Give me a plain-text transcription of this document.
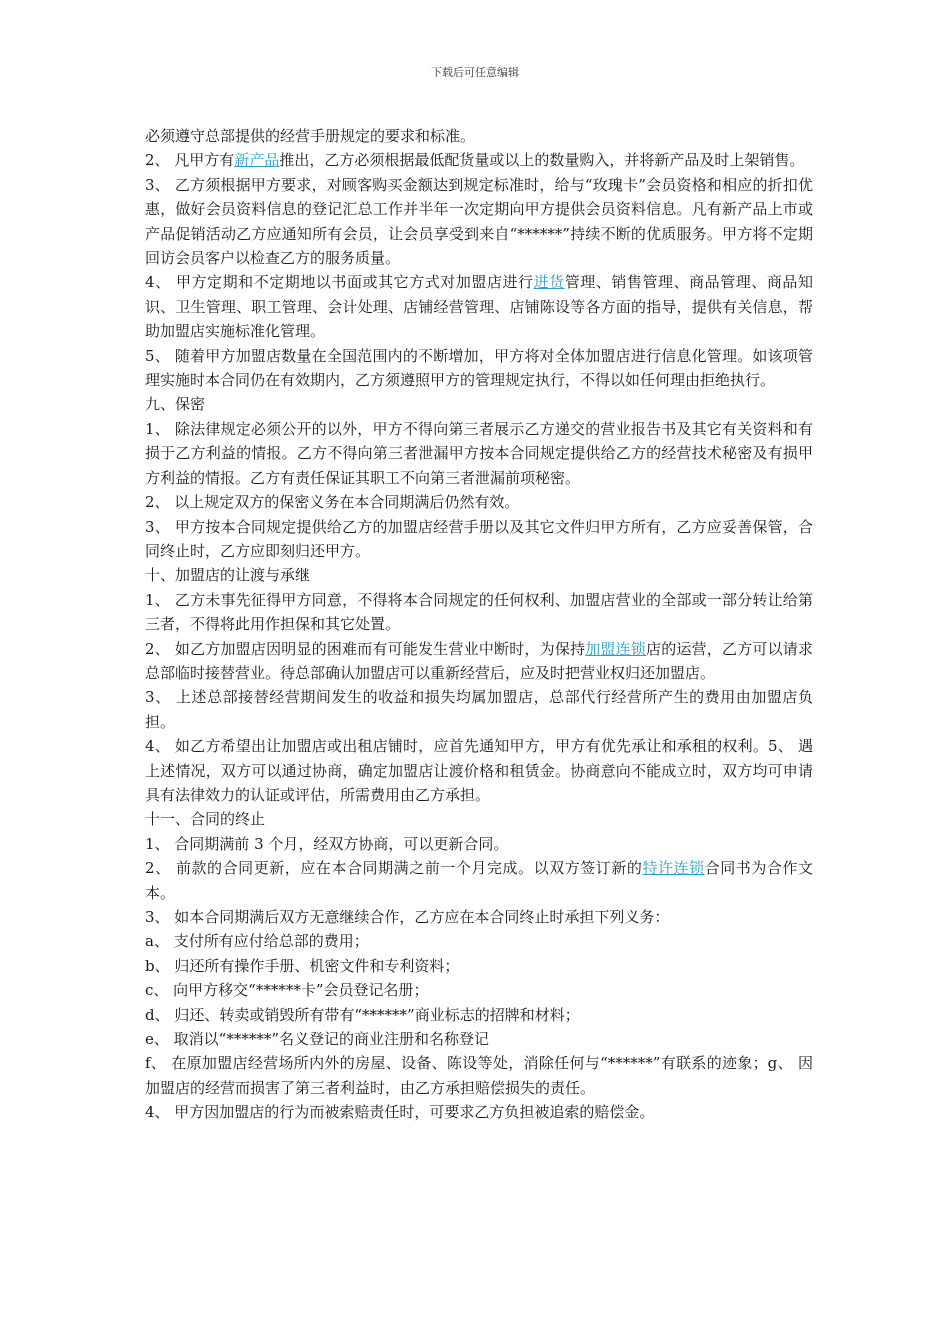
下载后可任意编辑

必须遵守总部提供的经营手册规定的要求和标准。

2、 凡甲方有新产品推出，乙方必须根据最低配货量或以上的数量购入，并将新产品及时上架销售。

3、 乙方须根据甲方要求，对顾客购买金额达到规定标准时，给与“玫瑰卡”会员资格和相应的折扣优惠，做好会员资料信息的登记汇总工作并半年一次定期向甲方提供会员资料信息。凡有新产品上市或产品促销活动乙方应通知所有会员，让会员享受到来自“******”持续不断的优质服务。甲方将不定期回访会员客户以检查乙方的服务质量。

4、 甲方定期和不定期地以书面或其它方式对加盟店进行进货管理、销售管理、商品管理、商品知识、卫生管理、职工管理、会计处理、店铺经营管理、店铺陈设等各方面的指导，提供有关信息，帮助加盟店实施标准化管理。

5、 随着甲方加盟店数量在全国范围内的不断增加，甲方将对全体加盟店进行信息化管理。如该项管理实施时本合同仍在有效期内，乙方须遵照甲方的管理规定执行，不得以如任何理由拒绝执行。

九、保密

1、 除法律规定必须公开的以外，甲方不得向第三者展示乙方递交的营业报告书及其它有关资料和有损于乙方利益的情报。乙方不得向第三者泄漏甲方按本合同规定提供给乙方的经营技术秘密及有损甲方利益的情报。乙方有责任保证其职工不向第三者泄漏前项秘密。

2、 以上规定双方的保密义务在本合同期满后仍然有效。

3、 甲方按本合同规定提供给乙方的加盟店经营手册以及其它文件归甲方所有，乙方应妥善保管，合同终止时，乙方应即刻归还甲方。

十、加盟店的让渡与承继

1、 乙方未事先征得甲方同意，不得将本合同规定的任何权利、加盟店营业的全部或一部分转让给第三者，不得将此用作担保和其它处置。

2、 如乙方加盟店因明显的困难而有可能发生营业中断时，为保持加盟连锁店的运营，乙方可以请求总部临时接替营业。待总部确认加盟店可以重新经营后，应及时把营业权归还加盟店。

3、 上述总部接替经营期间发生的收益和损失均属加盟店，总部代行经营所产生的费用由加盟店负担。

4、 如乙方希望出让加盟店或出租店铺时，应首先通知甲方，甲方有优先承让和承租的权利。5、 遇上述情况，双方可以通过协商，确定加盟店让渡价格和租赁金。协商意向不能成立时，双方均可申请具有法律效力的认证或评估，所需费用由乙方承担。

十一、合同的终止

1、 合同期满前 3 个月，经双方协商，可以更新合同。

2、 前款的合同更新，应在本合同期满之前一个月完成。以双方签订新的特许连锁合同书为合作文本。

3、 如本合同期满后双方无意继续合作，乙方应在本合同终止时承担下列义务：

a、 支付所有应付给总部的费用；

b、 归还所有操作手册、机密文件和专利资料；

c、 向甲方移交“******卡”会员登记名册；

d、 归还、转卖或销毁所有带有“******”商业标志的招牌和材料；

e、 取消以“******”名义登记的商业注册和名称登记

f、 在原加盟店经营场所内外的房屋、设备、陈设等处，消除任何与“******”有联系的迹象；g、 因加盟店的经营而损害了第三者利益时，由乙方承担赔偿损失的责任。

4、 甲方因加盟店的行为而被索赔责任时，可要求乙方负担被追索的赔偿金。
